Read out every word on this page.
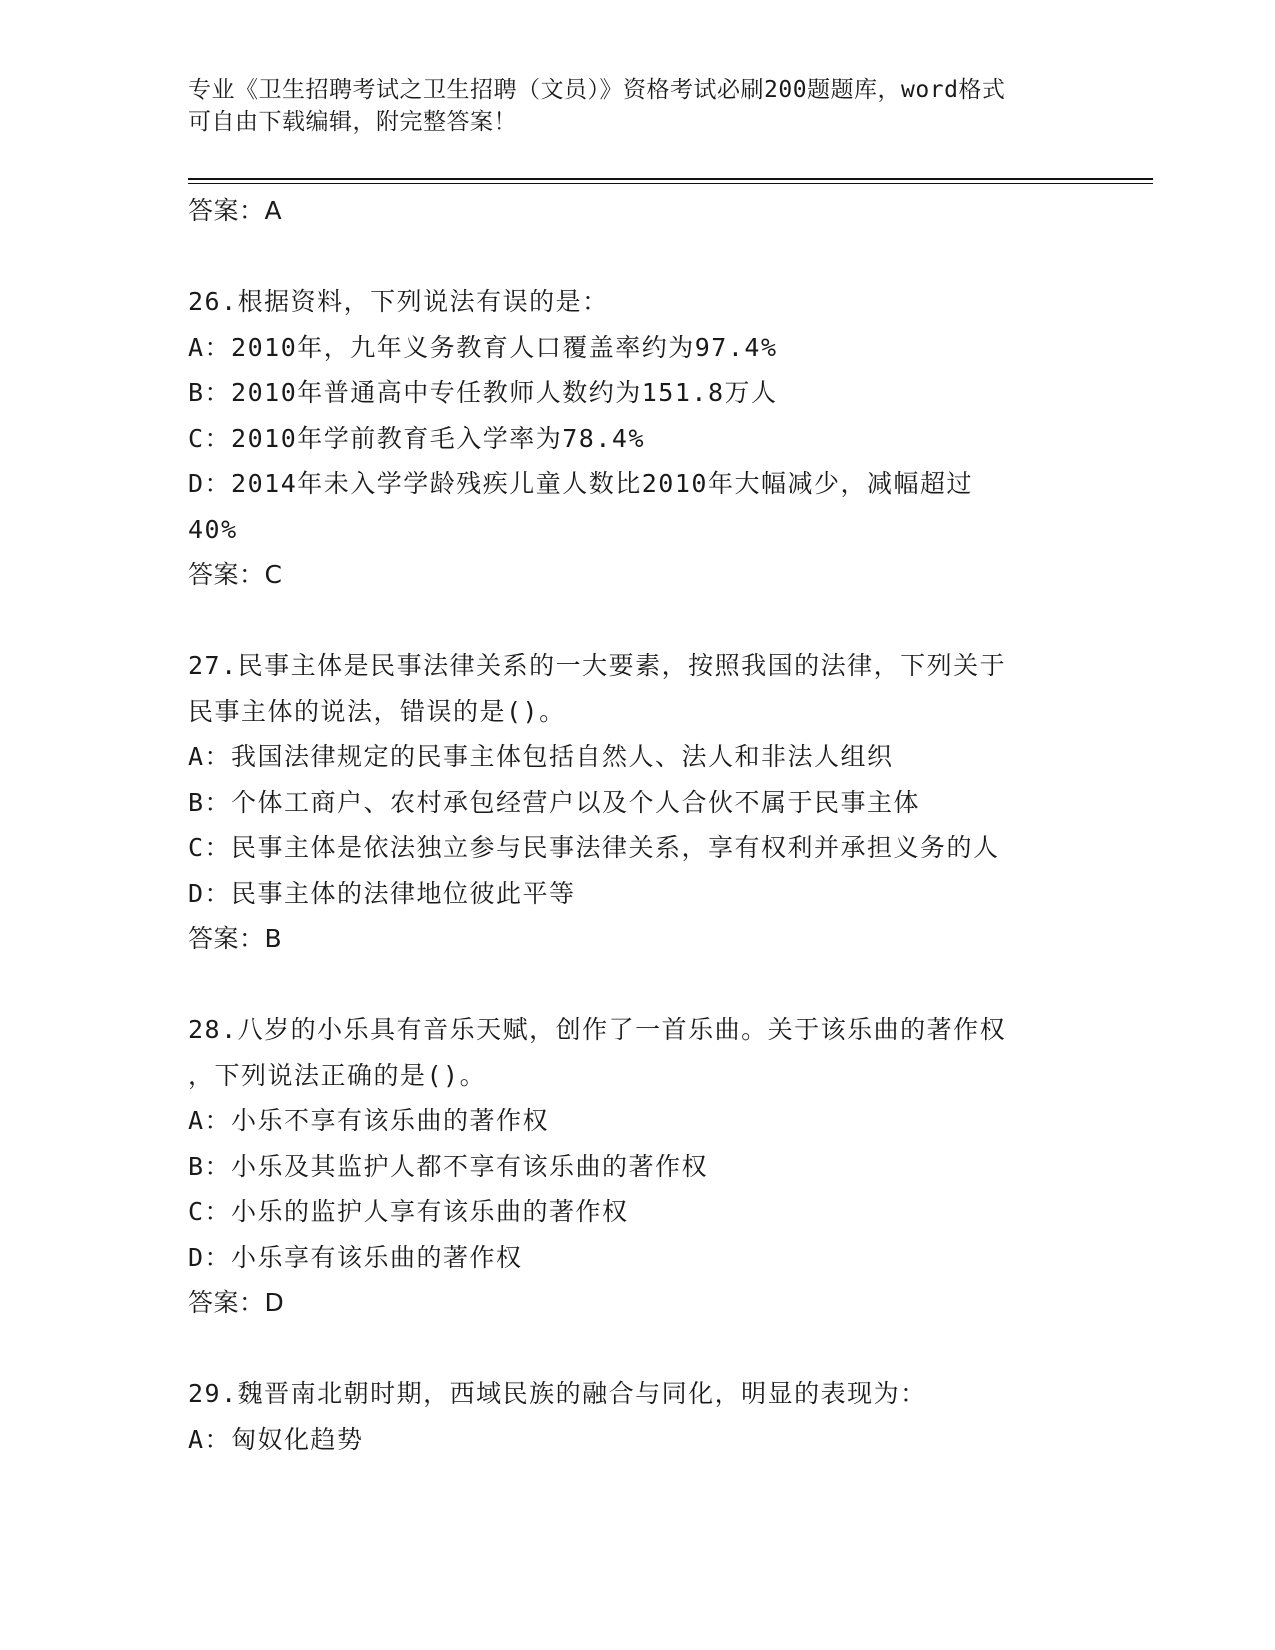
专业《卫生招聘考试之卫生招聘（文员）》资格考试必刷200题题库，word格式
可自由下载编辑，附完整答案！
答案：A
26.根据资料，下列说法有误的是：
A：2010年，九年义务教育人口覆盖率约为97.4%
B：2010年普通高中专任教师人数约为151.8万人
C：2010年学前教育毛入学率为78.4%
D：2014年未入学学龄残疾儿童人数比2010年大幅减少，减幅超过
40%
答案：C
27.民事主体是民事法律关系的一大要素，按照我国的法律，下列关于
民事主体的说法，错误的是()。
A：我国法律规定的民事主体包括自然人、法人和非法人组织
B：个体工商户、农村承包经营户以及个人合伙不属于民事主体
C：民事主体是依法独立参与民事法律关系，享有权利并承担义务的人
D：民事主体的法律地位彼此平等
答案：B
28.八岁的小乐具有音乐天赋，创作了一首乐曲。关于该乐曲的著作权
，下列说法正确的是()。
A：小乐不享有该乐曲的著作权
B：小乐及其监护人都不享有该乐曲的著作权
C：小乐的监护人享有该乐曲的著作权
D：小乐享有该乐曲的著作权
答案：D
29.魏晋南北朝时期，西域民族的融合与同化，明显的表现为：
A：匈奴化趋势
